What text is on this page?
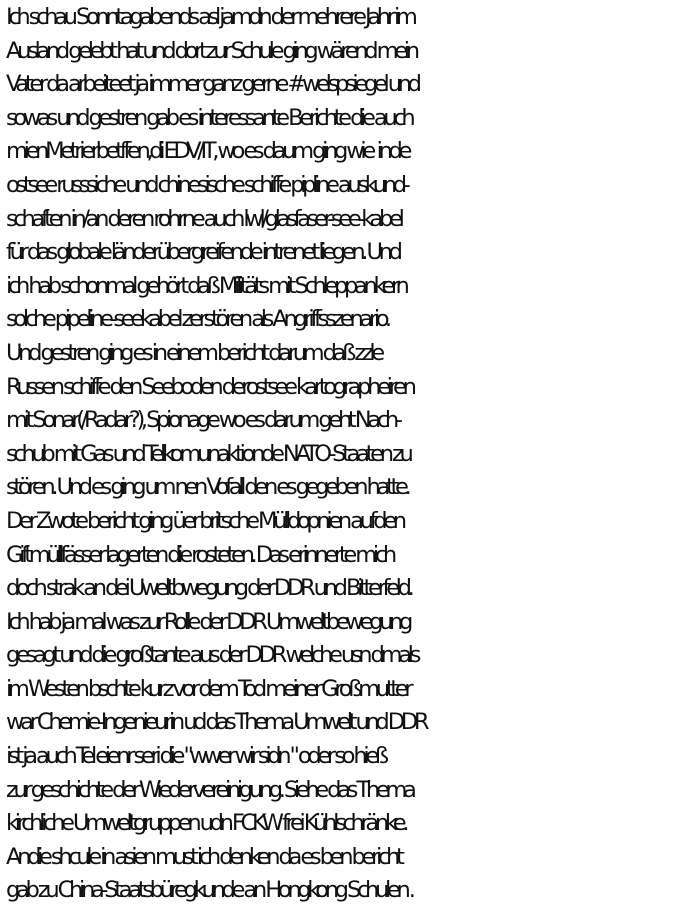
Ich schau Sonntagabends asl jamdn der mehrere Jahr im
Ausland gelebt hat und dort zur Schule ging wärend mein
Vater da arbeiteet ja immer ganz gerne #welspsiegel und
sowas und gestren gab es interessante Berichte die auch
mienMetrierbetffen,di EDV/IT, wo es daum ging wie  inde
ostsee russsiche und chinesische schiffe pipline auskund-
schaften in/an deren rohrne auch lwl/glasfaser-see-kabel
für das globale länderübergreifende intrenet liegen. Und
ich hab schonmal gehört daß Militäts mit Schleppankern
solche pipeline-seekabel zerstören als Angriffsszenario.
Und gestren ging es in einem bericht darum daß zzle
Russen schiffe den Seeboden derostsee kartographeiren
mit Sonar(/Radar?), Spionage wo es darum geht Nach-
schub mit Gas und Telkomunaktionde NATO-Staaten zu
stören. Und es ging um nen Vofall den es gegeben hatte.
Der Zwote bericht ging üer britsche Mülldopnien aufden
Giftmüllfässer lagerten die rosteten. Das erinnerte mich
doch strak an dei Uweltbwegung der DDR und Bitterfeld.
Ich hab ja mal was zur Rolle der DDR Umweltbewegung
gesagt und die großtante aus der DDR welche usn dmals
im Westen bschte kurz vor dem Tod meiner Großmutter
war Chemie-Ingenieurin ud das Thema Umwelt und DDR
ist ja auch Tel eienr seri die "wwer wir sidn " oder so hieß
zur geschichte der Wiedervereinigung. Siehe das Thema
kirchliche Umweltgruppen udn FCKW frei Kühlschränke.
Andie shcule in asien must ich denken da es ben bericht
gab zu China-Staatsbüregkunde an Hongkong Schulen .
